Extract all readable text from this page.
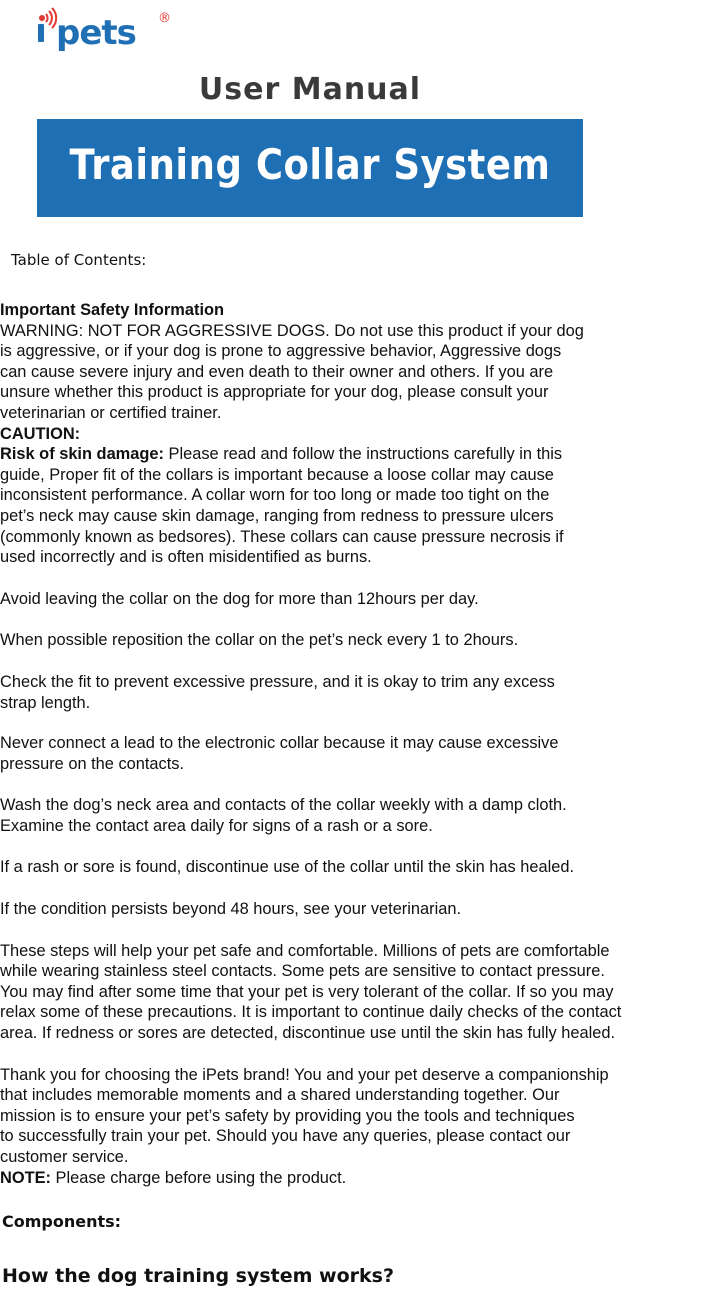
pets ®
User Manual
Training Collar System
Table of Contents:

Important Safety Information

WARNING: NOT FOR AGGRESSIVE DOGS. Do not use this product if your dog
is aggressive, or if your dog is prone to aggressive behavior, Aggressive dogs
can cause severe injury and even death to their owner and others. If you are
unsure whether this product is appropriate for your dog, please consult your
veterinarian or certified trainer.

CAUTION:

Risk of skin damage: Please read and follow the instructions carefully in this
guide, Proper fit of the collars is important because a loose collar may cause
inconsistent performance. A collar worn for too long or made too tight on the
pet’s neck may cause skin damage, ranging from redness to pressure ulcers
(commonly known as bedsores). These collars can cause pressure necrosis if
used incorrectly and is often misidentified as burns.

Avoid leaving the collar on the dog for more than 12hours per day.

When possible reposition the collar on the pet’s neck every 1 to 2hours.

Check the fit to prevent excessive pressure, and it is okay to trim any excess
strap length.

Never connect a lead to the electronic collar because it may cause excessive
pressure on the contacts.

Wash the dog’s neck area and contacts of the collar weekly with a damp cloth.
Examine the contact area daily for signs of a rash or a sore.

If a rash or sore is found, discontinue use of the collar until the skin has healed.

If the condition persists beyond 48 hours, see your veterinarian.

These steps will help your pet safe and comfortable. Millions of pets are comfortable
while wearing stainless steel contacts. Some pets are sensitive to contact pressure.
You may find after some time that your pet is very tolerant of the collar. If so you may
relax some of these precautions. It is important to continue daily checks of the contact
area. If redness or sores are detected, discontinue use until the skin has fully healed.

Thank you for choosing the iPets brand! You and your pet deserve a companionship
that includes memorable moments and a shared understanding together. Our
mission is to ensure your pet’s safety by providing you the tools and techniques
to successfully train your pet. Should you have any queries, please contact our
customer service.

NOTE: Please charge before using the product.

Components:
How the dog training system works?
